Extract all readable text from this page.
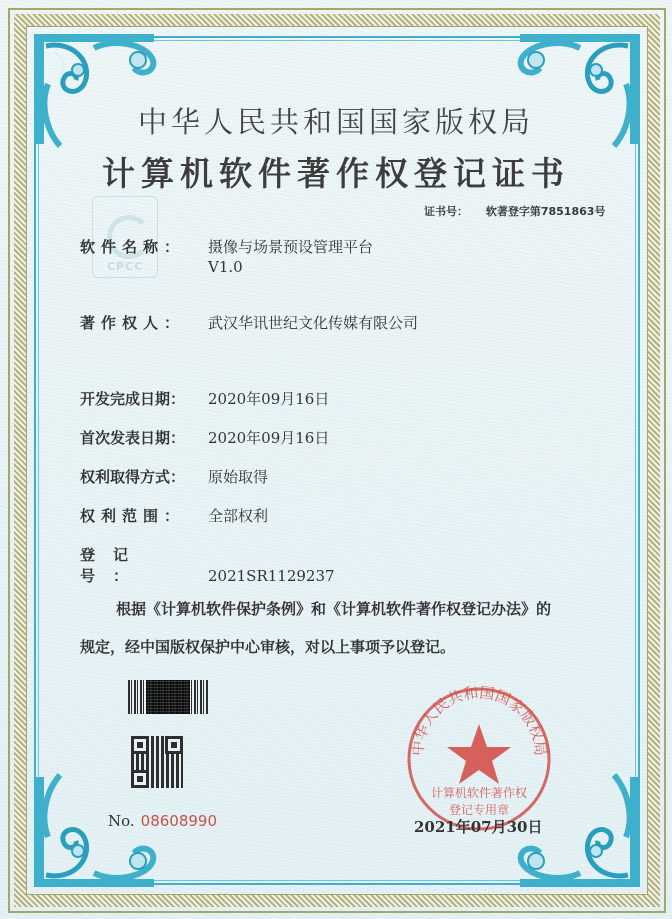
中华人民共和国国家版权局
计算机软件著作权登记证书
证书号： 软著登字第7851863号
CPCC
软件名称： 摄像与场景预设管理平台
V1.0
著作权人： 武汉华讯世纪文化传媒有限公司
开发完成日期： 2020年09月16日
首次发表日期： 2020年09月16日
权利取得方式： 原始取得
权利范围： 全部权利
登记号：	2021SR1129237
根据《计算机软件保护条例》和《计算机软件著作权登记办法》的
规定，经中国版权保护中心审核，对以上事项予以登记。
No. 08608990
中华人民共和国国家版权局
计算机软件著作权
登记专用章
2021年07月30日
